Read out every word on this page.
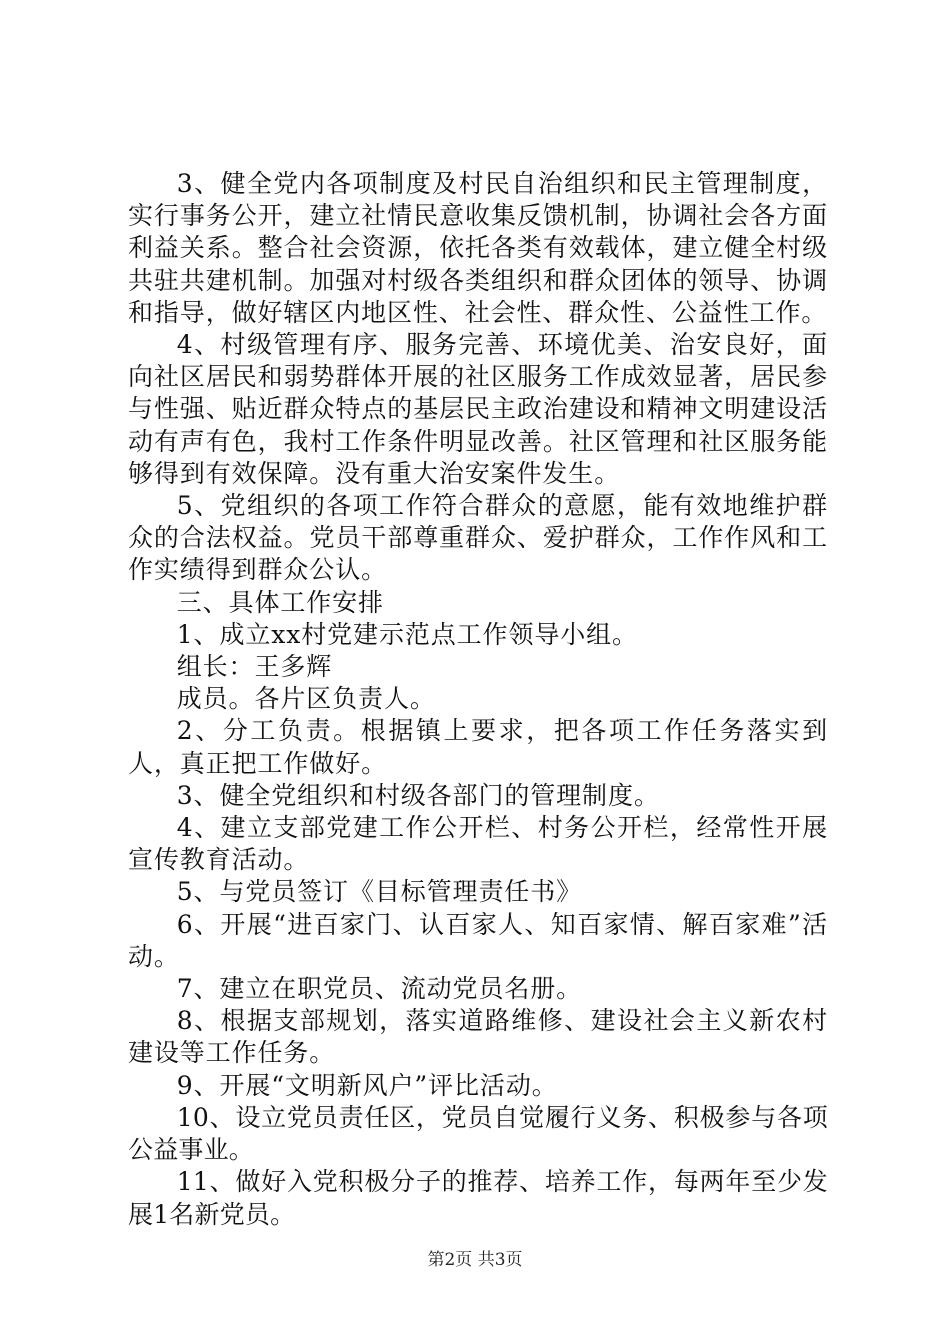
3、健全党内各项制度及村民自治组织和民主管理制度，实行事务公开，建立社情民意收集反馈机制，协调社会各方面利益关系。整合社会资源，依托各类有效载体，建立健全村级共驻共建机制。加强对村级各类组织和群众团体的领导、协调和指导，做好辖区内地区性、社会性、群众性、公益性工作。

4、村级管理有序、服务完善、环境优美、治安良好，面向社区居民和弱势群体开展的社区服务工作成效显著，居民参与性强、贴近群众特点的基层民主政治建设和精神文明建设活动有声有色，我村工作条件明显改善。社区管理和社区服务能够得到有效保障。没有重大治安案件发生。

5、党组织的各项工作符合群众的意愿，能有效地维护群众的合法权益。党员干部尊重群众、爱护群众，工作作风和工作实绩得到群众公认。

三、具体工作安排

1、成立xx村党建示范点工作领导小组。

组长：王多辉

成员。各片区负责人。

2、分工负责。根据镇上要求，把各项工作任务落实到人，真正把工作做好。

3、健全党组织和村级各部门的管理制度。

4、建立支部党建工作公开栏、村务公开栏，经常性开展宣传教育活动。

5、与党员签订《目标管理责任书》

6、开展“进百家门、认百家人、知百家情、解百家难”活动。

7、建立在职党员、流动党员名册。

8、根据支部规划，落实道路维修、建设社会主义新农村建设等工作任务。

9、开展“文明新风户”评比活动。

10、设立党员责任区，党员自觉履行义务、积极参与各项公益事业。

11、做好入党积极分子的推荐、培养工作，每两年至少发展1名新党员。

第2页 共3页
